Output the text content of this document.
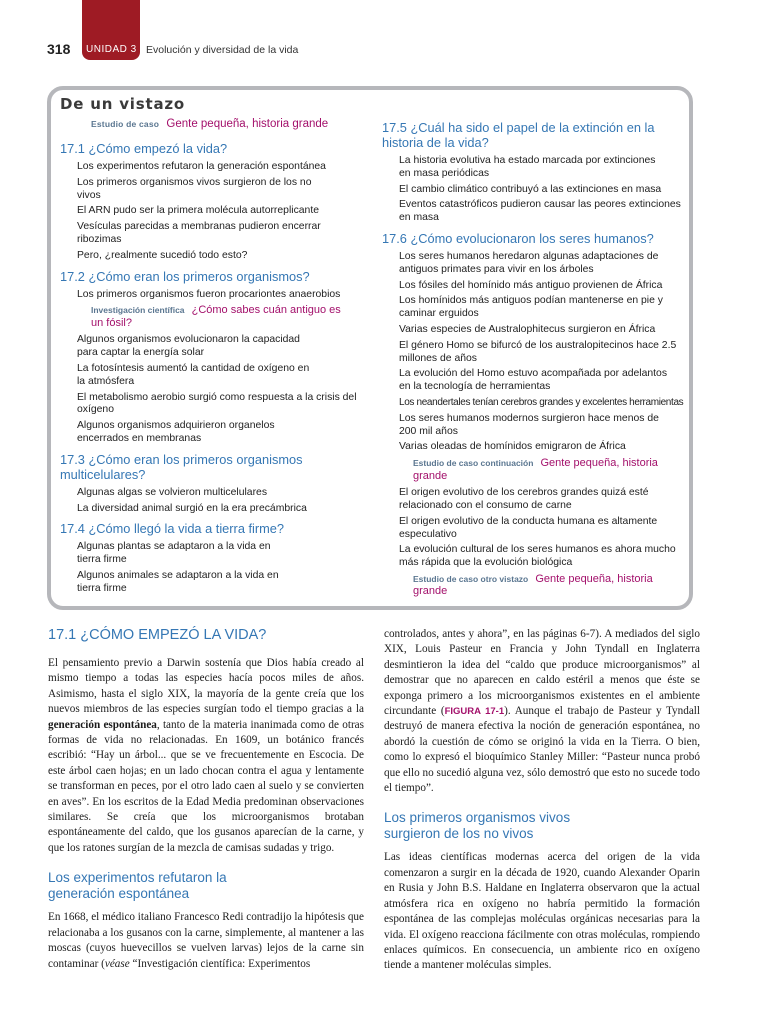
318 UNIDAD 3 Evolución y diversidad de la vida
De un vistazo
Estudio de caso Gente pequeña, historia grande
17.1 ¿Cómo empezó la vida?
Los experimentos refutaron la generación espontánea
Los primeros organismos vivos surgieron de los no vivos
El ARN pudo ser la primera molécula autorreplicante
Vesículas parecidas a membranas pudieron encerrar ribozimas
Pero, ¿realmente sucedió todo esto?
17.2 ¿Cómo eran los primeros organismos?
Los primeros organismos fueron procariontes anaerobios
Investigación científica ¿Cómo sabes cuán antiguo es un fósil?
Algunos organismos evolucionaron la capacidad para captar la energía solar
La fotosíntesis aumentó la cantidad de oxígeno en la atmósfera
El metabolismo aerobio surgió como respuesta a la crisis del oxígeno
Algunos organismos adquirieron organelos encerrados en membranas
17.3 ¿Cómo eran los primeros organismos multicelulares?
Algunas algas se volvieron multicelulares
La diversidad animal surgió en la era precámbrica
17.4 ¿Cómo llegó la vida a tierra firme?
Algunas plantas se adaptaron a la vida en tierra firme
Algunos animales se adaptaron a la vida en tierra firme
17.5 ¿Cuál ha sido el papel de la extinción en la historia de la vida?
La historia evolutiva ha estado marcada por extinciones en masa periódicas
El cambio climático contribuyó a las extinciones en masa
Eventos catastróficos pudieron causar las peores extinciones en masa
17.6 ¿Cómo evolucionaron los seres humanos?
Los seres humanos heredaron algunas adaptaciones de antiguos primates para vivir en los árboles
Los fósiles del homínido más antiguo provienen de África
Los homínidos más antiguos podían mantenerse en pie y caminar erguidos
Varias especies de Australophitecus surgieron en África
El género Homo se bifurcó de los australopitecinos hace 2.5 millones de años
La evolución del Homo estuvo acompañada por adelantos en la tecnología de herramientas
Los neandertales tenían cerebros grandes y excelentes herramientas
Los seres humanos modernos surgieron hace menos de 200 mil años
Varias oleadas de homínidos emigraron de África
Estudio de caso continuación Gente pequeña, historia grande
El origen evolutivo de los cerebros grandes quizá esté relacionado con el consumo de carne
El origen evolutivo de la conducta humana es altamente especulativo
La evolución cultural de los seres humanos es ahora mucho más rápida que la evolución biológica
Estudio de caso otro vistazo Gente pequeña, historia grande
17.1 ¿CÓMO EMPEZÓ LA VIDA?

El pensamiento previo a Darwin sostenía que Dios había creado al mismo tiempo a todas las especies hacía pocos miles de años. Asimismo, hasta el siglo XIX, la mayoría de la gente creía que los nuevos miembros de las especies surgían todo el tiempo gracias a la generación espontánea, tanto de la materia inanimada como de otras formas de vida no relacionadas. En 1609, un botánico francés escribió: “Hay un árbol... que se ve frecuentemente en Escocia. De este árbol caen hojas; en un lado chocan contra el agua y lentamente se transforman en peces, por el otro lado caen al suelo y se convierten en aves”. En los escritos de la Edad Media predominan observaciones similares. Se creía que los microorganismos brotaban espontáneamente del caldo, que los gusanos aparecían de la carne, y que los ratones surgían de la mezcla de camisas sudadas y trigo.

Los experimentos refutaron la generación espontánea

En 1668, el médico italiano Francesco Redi contradijo la hipótesis que relacionaba a los gusanos con la carne, simplemente, al mantener a las moscas (cuyos huevecillos se vuelven larvas) lejos de la carne sin contaminar (véase “Investigación científica: Experimentos

controlados, antes y ahora”, en las páginas 6-7). A mediados del siglo XIX, Louis Pasteur en Francia y John Tyndall en Inglaterra desmintieron la idea del “caldo que produce microorganismos” al demostrar que no aparecen en caldo estéril a menos que éste se exponga primero a los microorganismos existentes en el ambiente circundante (FIGURA 17-1). Aunque el trabajo de Pasteur y Tyndall destruyó de manera efectiva la noción de generación espontánea, no abordó la cuestión de cómo se originó la vida en la Tierra. O bien, como lo expresó el bioquímico Stanley Miller: “Pasteur nunca probó que ello no sucedió alguna vez, sólo demostró que esto no sucede todo el tiempo”.

Los primeros organismos vivos surgieron de los no vivos

Las ideas científicas modernas acerca del origen de la vida comenzaron a surgir en la década de 1920, cuando Alexander Oparin en Rusia y John B.S. Haldane en Inglaterra observaron que la actual atmósfera rica en oxígeno no habría permitido la formación espontánea de las complejas moléculas orgánicas necesarias para la vida. El oxígeno reacciona fácilmente con otras moléculas, rompiendo enlaces químicos. En consecuencia, un ambiente rico en oxígeno tiende a mantener moléculas simples.
